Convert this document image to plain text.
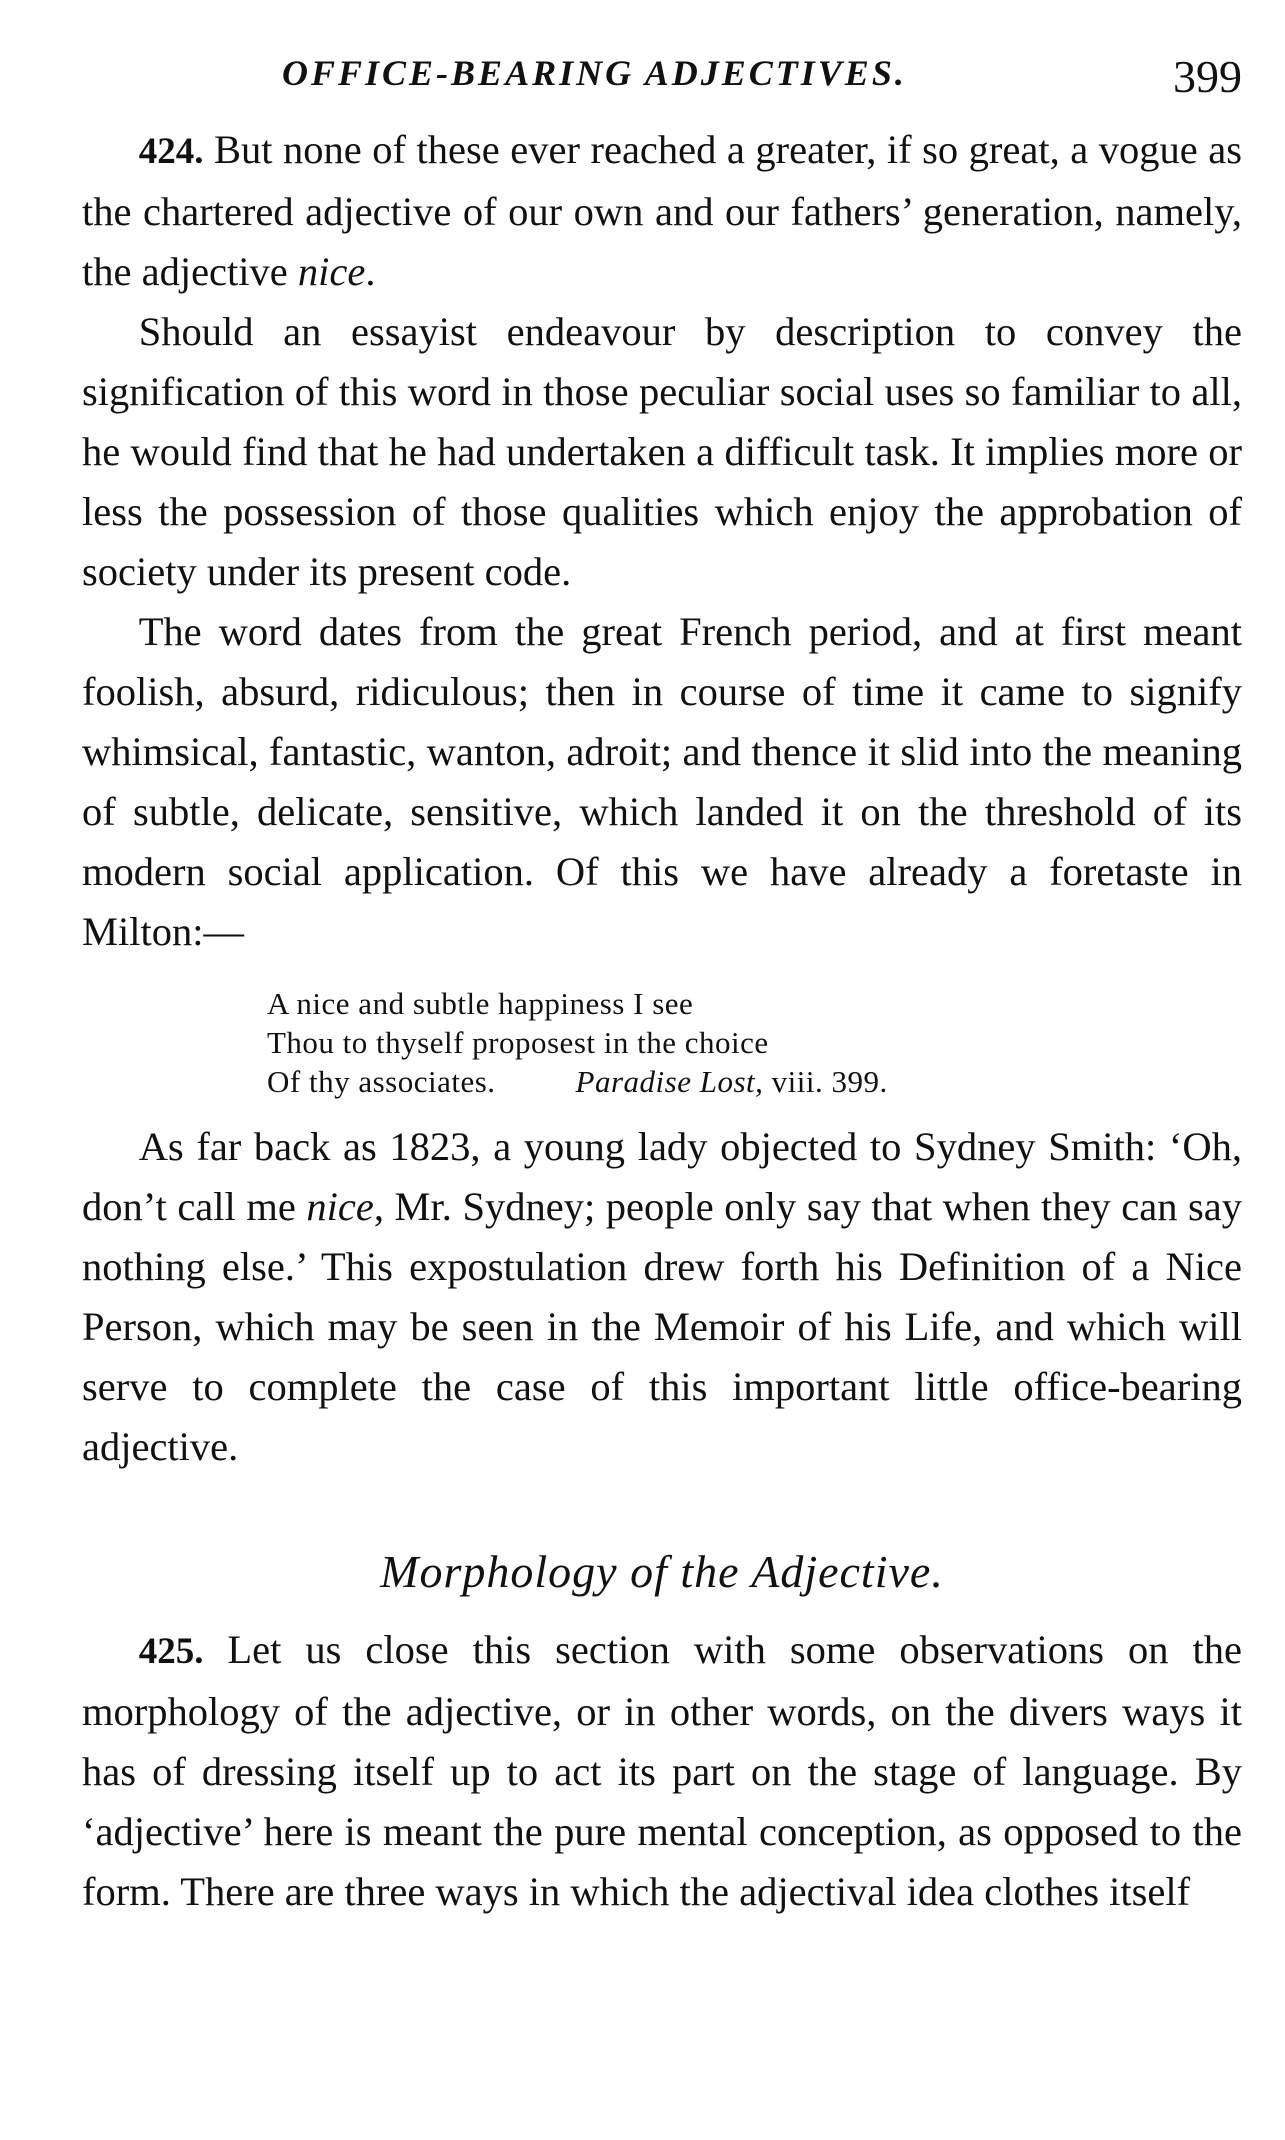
OFFICE-BEARING ADJECTIVES.	399

424. But none of these ever reached a greater, if so great, a vogue as the chartered adjective of our own and our fathers’ generation, namely, the adjective nice.

Should an essayist endeavour by description to convey the signification of this word in those peculiar social uses so familiar to all, he would find that he had undertaken a difficult task. It implies more or less the possession of those qualities which enjoy the approbation of society under its present code.

The word dates from the great French period, and at first meant foolish, absurd, ridiculous; then in course of time it came to signify whimsical, fantastic, wanton, adroit; and thence it slid into the meaning of subtle, delicate, sensitive, which landed it on the threshold of its modern social application. Of this we have already a foretaste in Milton:—

A nice and subtle happiness I see
Thou to thyself proposest in the choice
Of thy associates.	Paradise Lost, viii. 399.

As far back as 1823, a young lady objected to Sydney Smith: ‘Oh, don’t call me nice, Mr. Sydney; people only say that when they can say nothing else.’ This expostulation drew forth his Definition of a Nice Person, which may be seen in the Memoir of his Life, and which will serve to complete the case of this important little office-bearing adjective.

Morphology of the Adjective.

425. Let us close this section with some observations on the morphology of the adjective, or in other words, on the divers ways it has of dressing itself up to act its part on the stage of language. By ‘adjective’ here is meant the pure mental conception, as opposed to the form. There are three ways in which the adjectival idea clothes itself
